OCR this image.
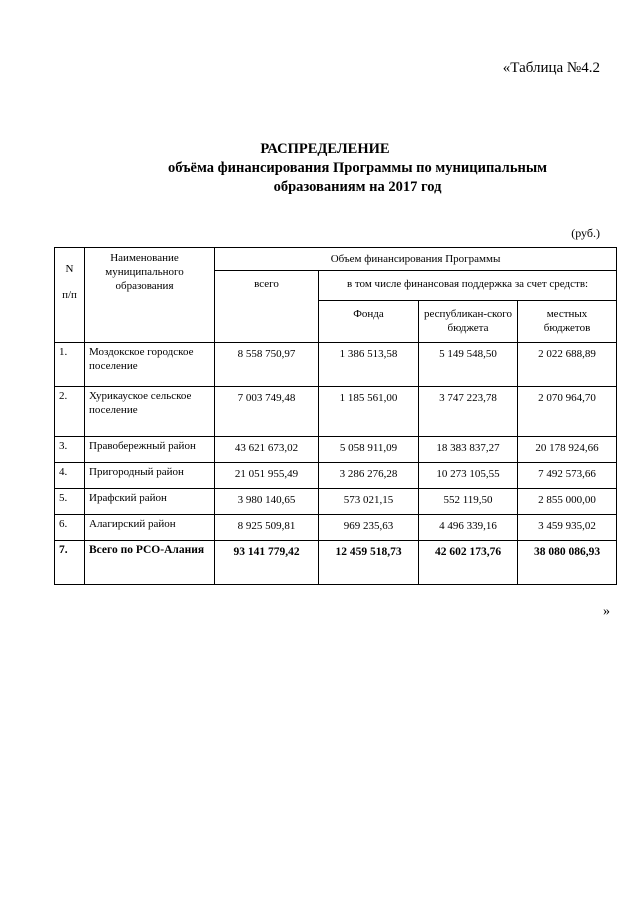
«Таблица №4.2
РАСПРЕДЕЛЕНИЕ
объёма финансирования Программы по муниципальным
образованиям на 2017 год
(руб.)
N
п/п	Наименование муниципального образования	Объем финансирования Программы			
		всего	в том числе финансовая поддержка за счет средств:		
			Фонда	республикан-ского бюджета	местных бюджетов
1.	Моздокское городское поселение	8 558 750,97	1 386 513,58	5 149 548,50	2 022 688,89
2.	Хурикауское сельское поселение	7 003 749,48	1 185 561,00	3 747 223,78	2 070 964,70
3.	Правобережный район	43 621 673,02	5 058 911,09	18 383 837,27	20 178 924,66
4.	Пригородный район	21 051 955,49	3 286 276,28	10 273 105,55	7 492 573,66
5.	Ирафский район	3 980 140,65	573 021,15	552 119,50	2 855 000,00
6.	Алагирский район	8 925 509,81	969 235,63	4 496 339,16	3 459 935,02
7.	Всего по РСО-Алания	93 141 779,42	12 459 518,73	42 602 173,76	38 080 086,93
»
